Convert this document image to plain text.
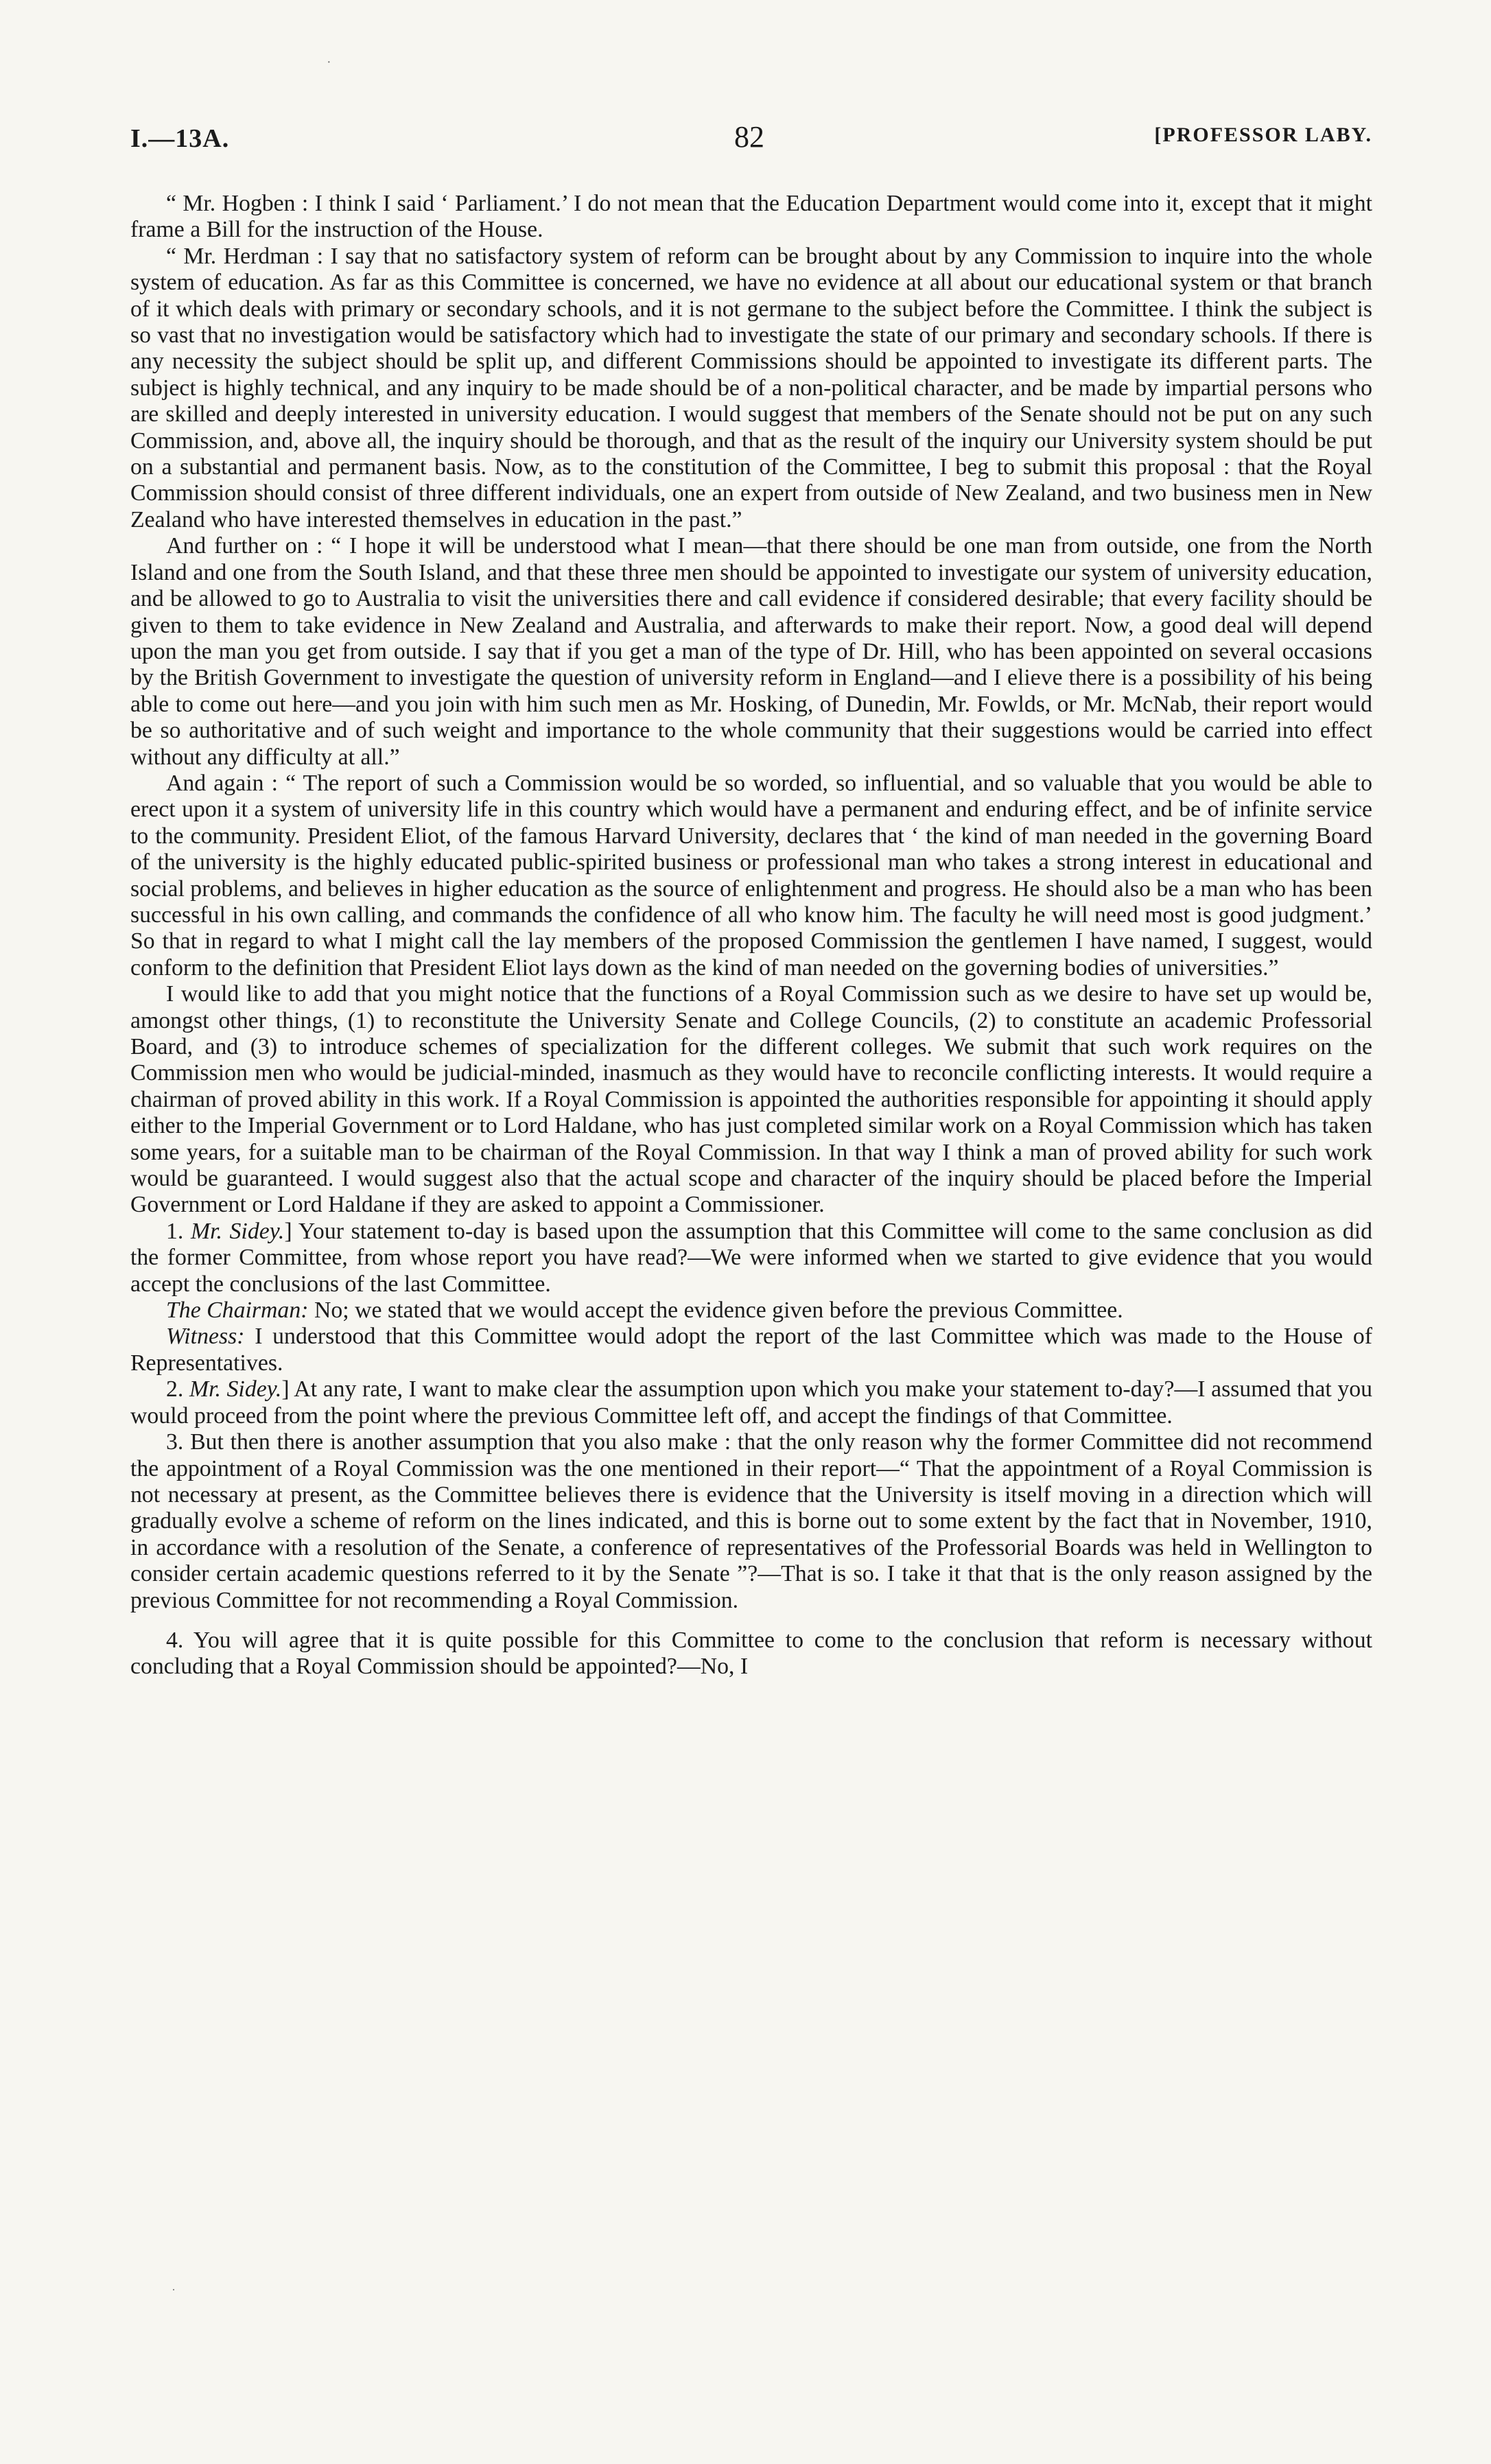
·
I.—13A.	82	[PROFESSOR LABY.

“ Mr. Hogben : I think I said ‘ Parliament.’ I do not mean that the Education Department would come into it, except that it might frame a Bill for the instruction of the House.

“ Mr. Herdman : I say that no satisfactory system of reform can be brought about by any Commission to inquire into the whole system of education. As far as this Committee is concerned, we have no evidence at all about our educational system or that branch of it which deals with primary or secondary schools, and it is not germane to the subject before the Committee. I think the subject is so vast that no investigation would be satisfactory which had to investigate the state of our primary and secondary schools. If there is any necessity the subject should be split up, and different Commissions should be appointed to investigate its different parts. The subject is highly technical, and any inquiry to be made should be of a non-political character, and be made by impartial persons who are skilled and deeply interested in university education. I would suggest that members of the Senate should not be put on any such Commission, and, above all, the inquiry should be thorough, and that as the result of the inquiry our University system should be put on a substantial and permanent basis. Now, as to the constitution of the Committee, I beg to submit this proposal : that the Royal Commission should consist of three different individuals, one an expert from outside of New Zealand, and two business men in New Zealand who have interested themselves in education in the past.”

And further on : “ I hope it will be understood what I mean—that there should be one man from outside, one from the North Island and one from the South Island, and that these three men should be appointed to investigate our system of university education, and be allowed to go to Australia to visit the universities there and call evidence if considered desirable; that every facility should be given to them to take evidence in New Zealand and Australia, and afterwards to make their report. Now, a good deal will depend upon the man you get from outside. I say that if you get a man of the type of Dr. Hill, who has been appointed on several occasions by the British Government to investigate the question of university reform in England—and I elieve there is a possibility of his being able to come out here—and you join with him such men as Mr. Hosking, of Dunedin, Mr. Fowlds, or Mr. McNab, their report would be so authoritative and of such weight and importance to the whole community that their suggestions would be carried into effect without any difficulty at all.”

And again : “ The report of such a Commission would be so worded, so influential, and so valuable that you would be able to erect upon it a system of university life in this country which would have a permanent and enduring effect, and be of infinite service to the community. President Eliot, of the famous Harvard University, declares that ‘ the kind of man needed in the governing Board of the university is the highly educated public-spirited business or professional man who takes a strong interest in educational and social problems, and believes in higher education as the source of enlightenment and progress. He should also be a man who has been successful in his own calling, and commands the confidence of all who know him. The faculty he will need most is good judgment.’ So that in regard to what I might call the lay members of the proposed Commission the gentlemen I have named, I suggest, would conform to the definition that President Eliot lays down as the kind of man needed on the governing bodies of universities.”

I would like to add that you might notice that the functions of a Royal Commission such as we desire to have set up would be, amongst other things, (1) to reconstitute the University Senate and College Councils, (2) to constitute an academic Professorial Board, and (3) to introduce schemes of specialization for the different colleges. We submit that such work requires on the Commission men who would be judicial-minded, inasmuch as they would have to reconcile conflicting interests. It would require a chairman of proved ability in this work. If a Royal Commission is appointed the authorities responsible for appointing it should apply either to the Imperial Government or to Lord Haldane, who has just completed similar work on a Royal Commission which has taken some years, for a suitable man to be chairman of the Royal Commission. In that way I think a man of proved ability for such work would be guaranteed. I would suggest also that the actual scope and character of the inquiry should be placed before the Imperial Government or Lord Haldane if they are asked to appoint a Commissioner.

1. Mr. Sidey.] Your statement to-day is based upon the assumption that this Committee will come to the same conclusion as did the former Committee, from whose report you have read?—We were informed when we started to give evidence that you would accept the conclusions of the last Committee.

The Chairman: No; we stated that we would accept the evidence given before the previous Committee.

Witness: I understood that this Committee would adopt the report of the last Committee which was made to the House of Representatives.

2. Mr. Sidey.] At any rate, I want to make clear the assumption upon which you make your statement to-day?—I assumed that you would proceed from the point where the previous Committee left off, and accept the findings of that Committee.

3. But then there is another assumption that you also make : that the only reason why the former Committee did not recommend the appointment of a Royal Commission was the one mentioned in their report—“ That the appointment of a Royal Commission is not necessary at present, as the Committee believes there is evidence that the University is itself moving in a direction which will gradually evolve a scheme of reform on the lines indicated, and this is borne out to some extent by the fact that in November, 1910, in accordance with a resolution of the Senate, a conference of representatives of the Professorial Boards was held in Wellington to consider certain academic questions referred to it by the Senate ”?—That is so. I take it that that is the only reason assigned by the previous Committee for not recommending a Royal Commission.

4. You will agree that it is quite possible for this Committee to come to the conclusion that reform is necessary without concluding that a Royal Commission should be appointed?—No, I

·
